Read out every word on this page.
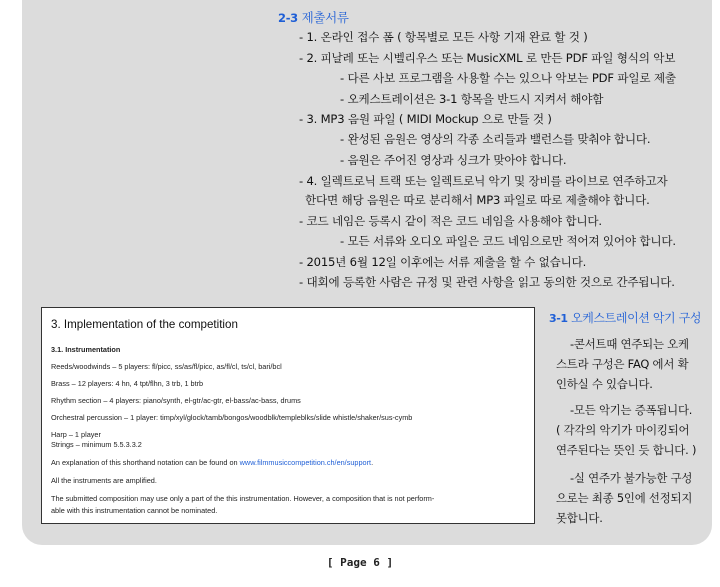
2-3 제출서류
- 1. 온라인 접수 폼 ( 항목별로 모든 사항 기재 완료 할 것 )
- 2. 피날레 또는 시벨리우스 또는 MusicXML 로 만든 PDF 파일 형식의 악보
- 다른 사보 프로그램을 사용할 수는 있으나 악보는 PDF 파일로 제출
- 오케스트레이션은 3-1 항목을 반드시 지켜서 해야함
- 3. MP3 음원 파일 ( MIDI Mockup 으로 만들 것 )
- 완성된 음원은 영상의 각종 소리들과 밸런스를 맞춰야 합니다.
- 음원은 주어진 영상과 싱크가 맞아야 합니다.
- 4. 일렉트로닉 트랙 또는 일렉트로닉 악기 및 장비를 라이브로 연주하고자
한다면 해당 음원은 따로 분리해서 MP3 파일로 따로 제출해야 합니다.
- 코드 네임은 등록시 같이 적은 코드 네임을 사용해야 합니다.
- 모든 서류와 오디오 파일은 코드 네임으로만 적어져 있어야 합니다.
- 2015년 6월 12일 이후에는 서류 제출을 할 수 없습니다.
- 대회에 등록한 사람은 규정 및 관련 사항을 읽고 동의한 것으로 간주됩니다.
3. Implementation of the competition
3.1. Instrumentation
Reeds/woodwinds – 5 players: fl/picc, ss/as/fl/picc, as/fl/cl, ts/cl, bari/bcl
Brass – 12 players: 4 hn, 4 tpt/flhn, 3 trb, 1 btrb
Rhythm section – 4 players: piano/synth, el-gtr/ac-gtr, el-bass/ac-bass, drums
Orchestral percussion – 1 player: timp/xyl/glock/tamb/bongos/woodblk/templeblks/slide whistle/shaker/sus-cymb
Harp – 1 player
Strings – minimum 5.5.3.3.2
An explanation of this shorthand notation can be found on www.filmmusiccompetition.ch/en/support.
All the instruments are amplified.
The submitted composition may use only a part of the this instrumentation. However, a composition that is not perform-
able with this instrumentation cannot be nominated.
3-1 오케스트레이션 악기 구성
-콘서트때 연주되는 오케
스트라 구성은 FAQ 에서 확
인하실 수 있습니다.
-모든 악기는 증폭됩니다.
( 각각의 악기가 마이킹되어
연주된다는 뜻인 듯 합니다. )
-실 연주가 불가능한 구성
으로는 최종 5인에 선정되지
못합니다.
[ Page 6 ]
